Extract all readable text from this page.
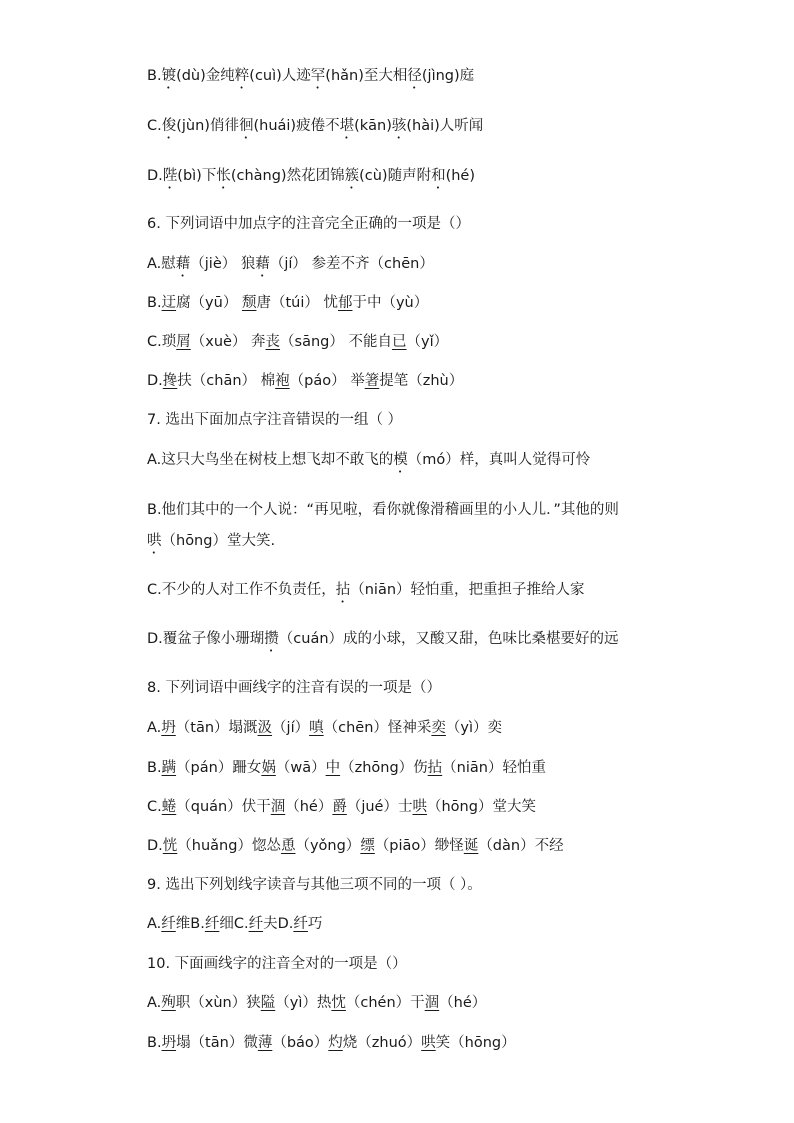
B.镀(dù)金纯粹(cuì)人迹罕(hǎn)至大相径(jìng)庭
C.俊(jùn)俏徘徊(huái)疲倦不堪(kān)骇(hài)人听闻
D.陛(bì)下怅(chàng)然花团锦簇(cù)随声附和(hé)
6. 下列词语中加点字的注音完全正确的一项是（）
A.慰藉（jiè） 狼藉（jí） 参差不齐（chēn）
B.迂腐（yū） 颓唐（túi） 忧郁于中（yù）
C.琐屑（xuè） 奔丧（sāng） 不能自已（yǐ）
D.搀扶（chān） 棉袍（páo） 举箸提笔（zhù）
7. 选出下面加点字注音错误的一组（ ）
A.这只大鸟坐在树枝上想飞却不敢飞的模（mó）样，真叫人觉得可怜
B.他们其中的一个人说：“再见啦，看你就像滑稽画里的小人儿．”其他的则
哄（hōng）堂大笑.
C.不少的人对工作不负责任，拈（niān）轻怕重，把重担子推给人家
D.覆盆子像小珊瑚攒（cuán）成的小球，又酸又甜，色味比桑椹要好的远
8. 下列词语中画线字的注音有误的一项是（）
A.坍（tān）塌溉汲（jí）嗔（chēn）怪神采奕（yì）奕
B.蹒（pán）跚女娲（wā）中（zhōng）伤拈（niān）轻怕重
C.蜷（quán）伏干涸（hé）爵（jué）士哄（hōng）堂大笑
D.恍（huǎng）惚怂恿（yǒng）缥（piāo）缈怪诞（dàn）不经
9. 选出下列划线字读音与其他三项不同的一项（ ）。
A.纤维B.纤细C.纤夫D.纤巧
10. 下面画线字的注音全对的一项是（）
A.殉职（xùn）狭隘（yì）热忱（chén）干涸（hé）
B.坍塌（tān）微薄（báo）灼烧（zhuó）哄笑（hōng）
